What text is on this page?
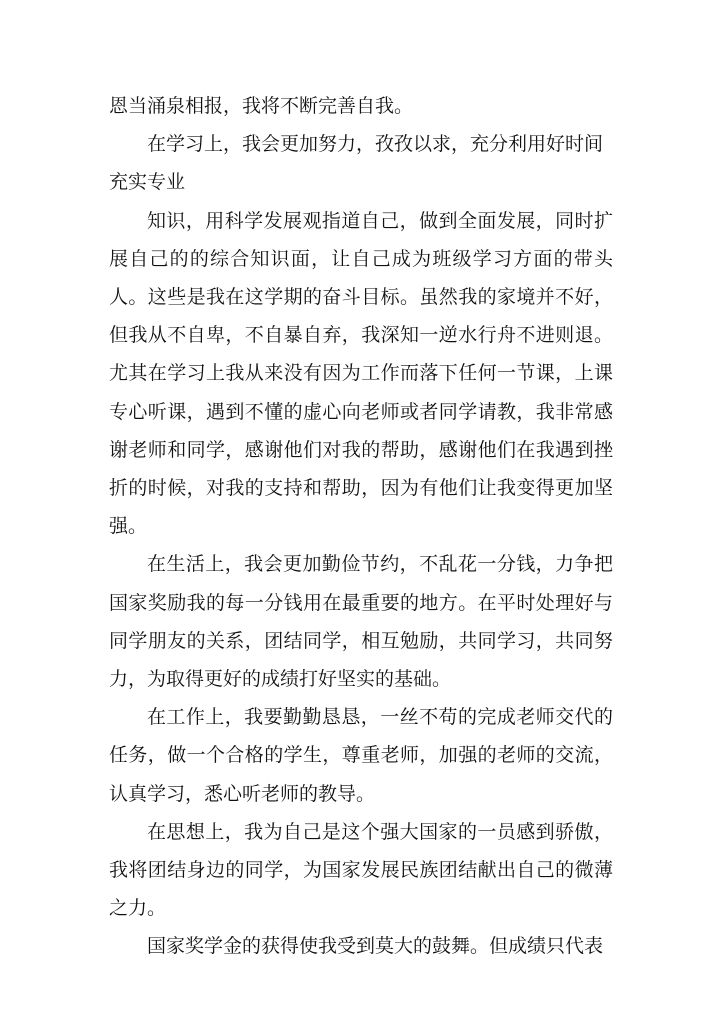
恩当涌泉相报，我将不断完善自我。

在学习上，我会更加努力，孜孜以求，充分利用好时间

充实专业

知识，用科学发展观指道自己，做到全面发展，同时扩展自己的的综合知识面，让自己成为班级学习方面的带头人。这些是我在这学期的奋斗目标。虽然我的家境并不好，但我从不自卑，不自暴自弃，我深知一逆水行舟不进则退。尤其在学习上我从来没有因为工作而落下任何一节课，上课专心听课，遇到不懂的虚心向老师或者同学请教，我非常感谢老师和同学，感谢他们对我的帮助，感谢他们在我遇到挫折的时候，对我的支持和帮助，因为有他们让我变得更加坚强。

在生活上，我会更加勤俭节约，不乱花一分钱，力争把国家奖励我的每一分钱用在最重要的地方。在平时处理好与同学朋友的关系，团结同学，相互勉励，共同学习，共同努力，为取得更好的成绩打好坚实的基础。

在工作上，我要勤勤恳恳，一丝不苟的完成老师交代的任务，做一个合格的学生，尊重老师，加强的老师的交流，认真学习，悉心听老师的教导。

在思想上，我为自己是这个强大国家的一员感到骄傲，我将团结身边的同学，为国家发展民族团结献出自己的微薄之力。

国家奖学金的获得使我受到莫大的鼓舞。但成绩只代表
